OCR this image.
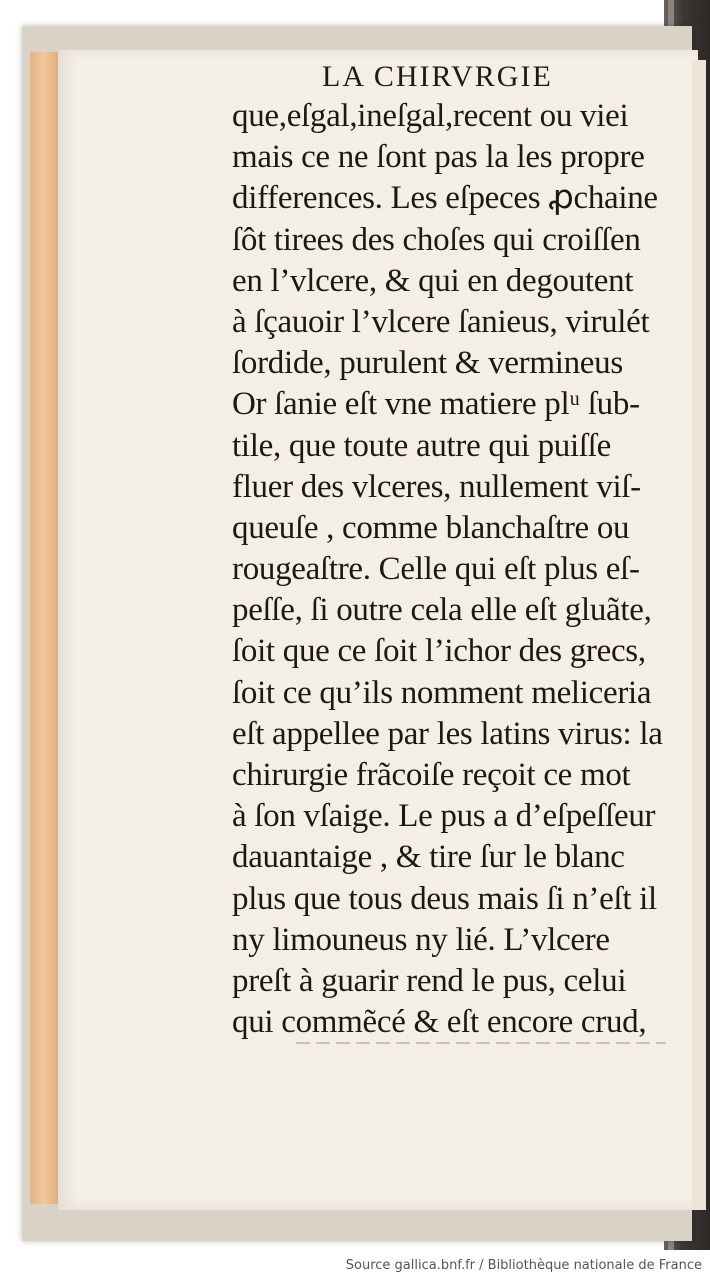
LA CHIRVRGIE
que,eſgal,ineſgal,recent ou viei
mais ce ne ſont pas la les propre
differences. Les eſpeces ꝓchaine
ſôt tirees des choſes qui croiſſen
en l’vlcere, & qui en degoutent
à ſçauoir l’vlcere ſanieus, virulét
ſordide, purulent & vermineus
Or ſanie eſt vne matiere plᵘ ſub-
tile, que toute autre qui puiſſe
fluer des vlceres, nullement viſ-
queuſe , comme blanchaſtre ou
rougeaſtre. Celle qui eſt plus eſ-
peſſe, ſi outre cela elle eſt gluãte,
ſoit que ce ſoit l’ichor des grecs,
ſoit ce qu’ils nomment meliceria
eſt appellee par les latins virus: la
chirurgie frãcoiſe reçoit ce mot
à ſon vſaige. Le pus a d’eſpeſſeur
dauantaige , & tire ſur le blanc
plus que tous deus mais ſi n’eſt il
ny limouneus ny lié. L’vlcere
preſt à guarir rend le pus, celui
qui commẽcé & eſt encore crud,
Source gallica.bnf.fr / Bibliothèque nationale de France
